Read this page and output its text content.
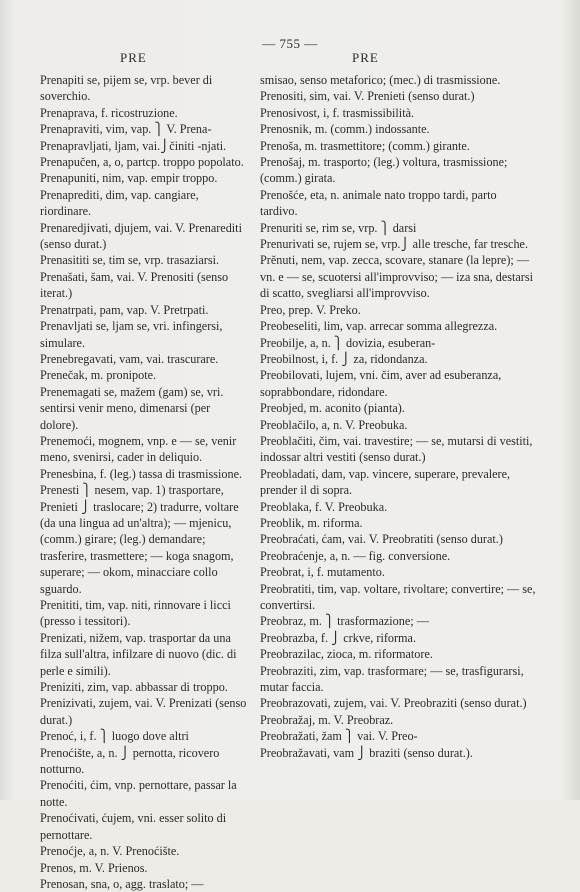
— 755 —
PRE	PRE
Prenapiti se, pijem se, vrp. bever di soverchio.
Prenaprava, f. ricostruzione.
Prenapraviti, vim, vap. ⎫ V. Prena-
Prenapravljati, ljam, vai.⎭činiti -njati.
Prenapučen, a, o, partcp. troppo popolato.
Prenapuniti, nim, vap. empir troppo.
Prenaprediti, dim, vap. cangiare, riordinare.
Prenaredjivati, djujem, vai. V. Prenarediti (senso durat.)
Prenasititi se, tim se, vrp. trasaziarsi.
Prenašati, šam, vai. V. Prenositi (senso iterat.)
Prenatrpati, pam, vap. V. Pretrpati.
Prenavljati se, ljam se, vri. infingersi, simulare.
Prenebregavati, vam, vai. trascurare.
Prenečak, m. pronipote.
Prenemagati se, mažem (gam) se, vri. sentirsi venir meno, dimenarsi (per dolore).
Prenemoći, mognem, vnp. e — se, venir meno, svenirsi, cader in deliquio.
Prenesbina, f. (leg.) tassa di trasmissione.
Prenesti ⎫ nesem, vap. 1) trasportare,
Prenieti ⎭ traslocare; 2) tradurre, voltare (da una lingua ad un'altra); — mjenicu, (comm.) girare; (leg.) demandare; trasferire, trasmettere; — koga snagom, superare; — okom, minacciare collo sguardo.
Prenititi, tim, vap. niti, rinnovare i licci (presso i tessitori).
Prenizati, nižem, vap. trasportar da una filza sull'altra, infilzare di nuovo (dic. di perle e simili).
Preniziti, zim, vap. abbassar di troppo.
Prenizivati, zujem, vai. V. Prenizati (senso durat.)
Prenoć, i, f. ⎫ luogo dove altri
Prenoćište, a, n. ⎭ pernotta, ricovero notturno.
Prenoćiti, ćim, vnp. pernottare, passar la notte.
Prenoćivati, ćujem, vni. esser solito di pernottare.
Prenoćje, a, n. V. Prenoćište.
Prenos, m. V. Prienos.
Prenosan, sna, o, agg. traslato; —
smisao, senso metaforico; (mec.) di trasmissione.
Prenositi, sim, vai. V. Prenieti (senso durat.)
Prenosivost, i, f. trasmissibilità.
Prenosnik, m. (comm.) indossante.
Prenoša, m. trasmettitore; (comm.) girante.
Prenošaj, m. trasporto; (leg.) voltura, trasmissione; (comm.) girata.
Prenošće, eta, n. animale nato troppo tardi, parto tardivo.
Prenuriti se, rim se, vrp. ⎫ darsi
Prenurivati se, rujem se, vrp.⎭ alle tresche, far tresche.
Prěnuti, nem, vap. zecca, scovare, stanare (la lepre); — vn. e — se, scuotersi all'improvviso; — iza sna, destarsi di scatto, svegliarsi all'improvviso.
Preo, prep. V. Preko.
Preobeseliti, lim, vap. arrecar somma allegrezza.
Preobilje, a, n. ⎫ dovizia, esuberan-
Preobilnost, i, f. ⎭ za, ridondanza.
Preobilovati, lujem, vni. čim, aver ad esuberanza, soprabbondare, ridondare.
Preobjed, m. aconito (pianta).
Preoblačilo, a, n. V. Preobuka.
Preoblačiti, čim, vai. travestire; — se, mutarsi di vestiti, indossar altri vestiti (senso durat.)
Preobladati, dam, vap. vincere, superare, prevalere, prender il di sopra.
Preoblaka, f. V. Preobuka.
Preoblik, m. riforma.
Preobraćati, ćam, vai. V. Preobratiti (senso durat.)
Preobraćenje, a, n. — fig. conversione.
Preobrat, i, f. mutamento.
Preobratiti, tim, vap. voltare, rivoltare; convertire; — se, convertirsi.
Preobraz, m. ⎫ trasformazione; —
Preobrazba, f. ⎭ crkve, riforma.
Preobrazilac, zioca, m. riformatore.
Preobraziti, zim, vap. trasformare; — se, trasfigurarsi, mutar faccia.
Preobrazovati, zujem, vai. V. Preobraziti (senso durat.)
Preobražaj, m. V. Preobraz.
Preobražati, žam ⎫ vai. V. Preo-
Preobražavati, vam ⎭ braziti (senso durat.).
